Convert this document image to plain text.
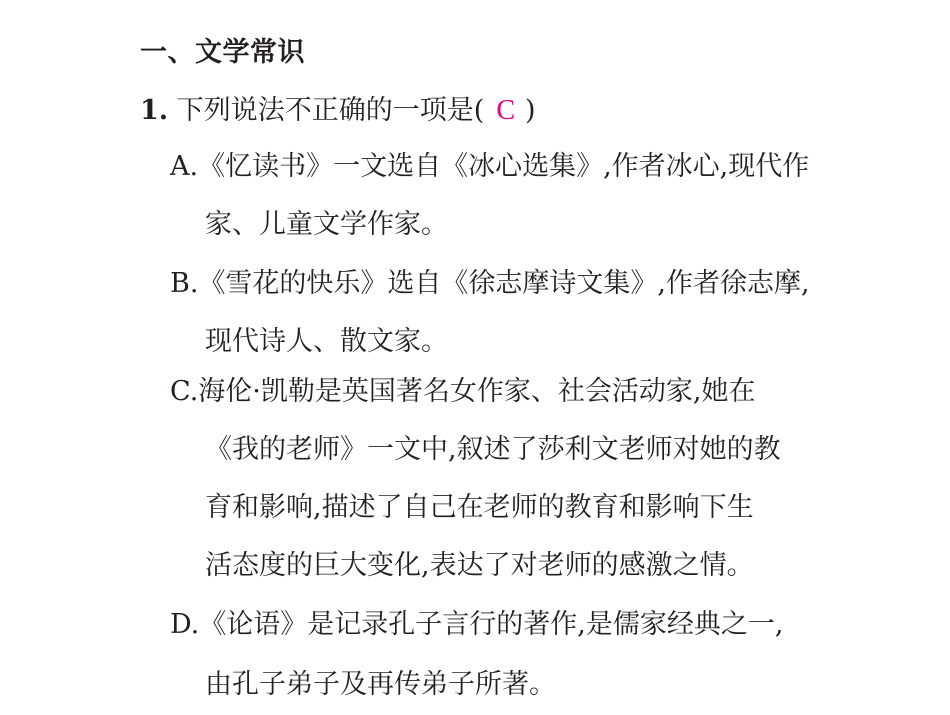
一、文学常识
1. 下列说法不正确的一项是( C )
A.《忆读书》一文选自《冰心选集》,作者冰心,现代作
家、儿童文学作家。
B.《雪花的快乐》选自《徐志摩诗文集》,作者徐志摩,
现代诗人、散文家。
C.海伦·凯勒是英国著名女作家、社会活动家,她在
《我的老师》一文中,叙述了莎利文老师对她的教
育和影响,描述了自己在老师的教育和影响下生
活态度的巨大变化,表达了对老师的感激之情。
D.《论语》是记录孔子言行的著作,是儒家经典之一,
由孔子弟子及再传弟子所著。
